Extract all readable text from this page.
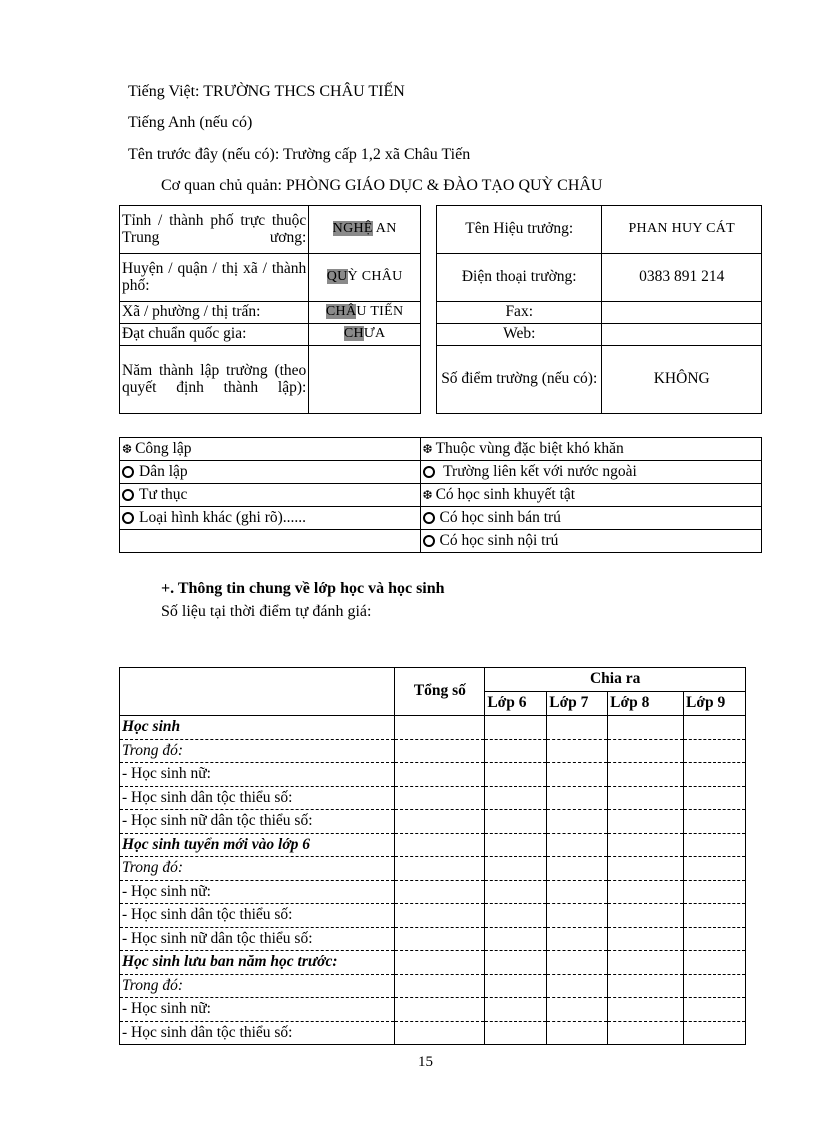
Tiếng Việt: TRƯỜNG THCS CHÂU TIẾN
Tiếng Anh (nếu có)
Tên trước đây (nếu có): Trường cấp 1,2 xã Châu Tiến
Cơ quan chủ quản: PHÒNG GIÁO DỤC & ĐÀO TẠO QUỲ CHÂU
Tỉnh / thành phố trực thuộc Trung ương:	NGHỆ AN
Huyện / quận / thị xã / thành phố:	QUỲ CHÂU
Xã / phường / thị trấn:	CHÂU TIẾN
Đạt chuẩn quốc gia:	CHƯA
Năm thành lập trường (theo quyết định thành lập):	
Tên Hiệu trưởng:	PHAN HUY CÁT
Điện thoại trường:	0383 891 214
Fax:	
Web:	
Số điểm trường (nếu có):	KHÔNG
❆ Công lập	❆ Thuộc vùng đặc biệt khó khăn
Dân lập	Trường liên kết với nước ngoài
Tư thục	❆ Có học sinh khuyết tật
Loại hình khác (ghi rõ)......	Có học sinh bán trú
	Có học sinh nội trú
+. Thông tin chung về lớp học và học sinh
Số liệu tại thời điểm tự đánh giá:
	Tổng số	Chia ra			
		Lớp 6	Lớp 7	Lớp 8	Lớp 9
Học sinh					
Trong đó:					
- Học sinh nữ:					
- Học sinh dân tộc thiểu số:					
- Học sinh nữ dân tộc thiểu số:					
Học sinh tuyển mới vào lớp 6					
Trong đó:					
- Học sinh nữ:					
- Học sinh dân tộc thiểu số:					
- Học sinh nữ dân tộc thiểu số:					
Học sinh lưu ban năm học trước:					
Trong đó:					
- Học sinh nữ:					
- Học sinh dân tộc thiểu số:					
15
